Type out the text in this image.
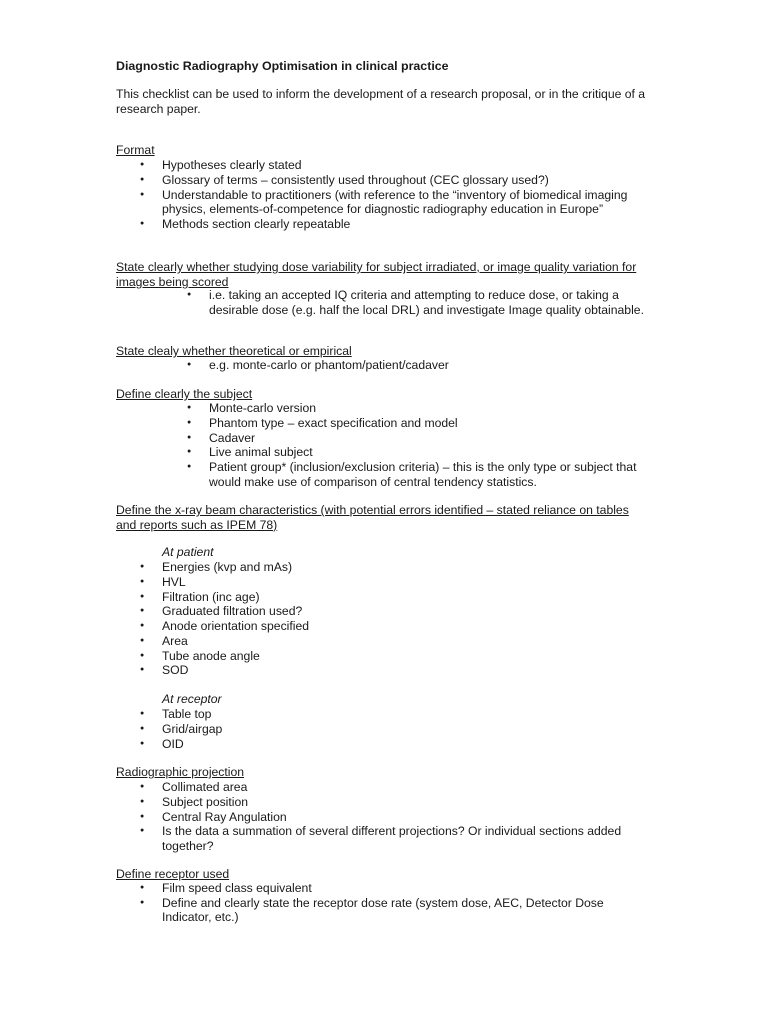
Diagnostic Radiography Optimisation in clinical practice
This checklist can be used to inform the development of a research proposal, or in the critique of a research paper.
Format
● Hypotheses clearly stated
● Glossary of terms – consistently used throughout (CEC glossary used?)
● Understandable to practitioners (with reference to the “inventory of biomedical imaging physics, elements-of-competence for diagnostic radiography education in Europe”
● Methods section clearly repeatable
State clearly whether studying dose variability for subject irradiated, or image quality variation for images being scored
● i.e. taking an accepted IQ criteria and attempting to reduce dose, or taking a desirable dose (e.g. half the local DRL) and investigate Image quality obtainable.
State clealy whether theoretical or empirical
● e.g. monte-carlo or phantom/patient/cadaver
Define clearly the subject
● Monte-carlo version
● Phantom type – exact specification and model
● Cadaver
● Live animal subject
● Patient group* (inclusion/exclusion criteria) – this is the only type or subject that would make use of comparison of central tendency statistics.
Define the x-ray beam characteristics (with potential errors identified – stated reliance on tables and reports such as IPEM 78)
At patient
● Energies (kvp and mAs)
● HVL
● Filtration (inc age)
● Graduated filtration used?
● Anode orientation specified
● Area
● Tube anode angle
● SOD
At receptor
● Table top
● Grid/airgap
● OID
Radiographic projection
● Collimated area
● Subject position
● Central Ray Angulation
● Is the data a summation of several different projections? Or individual sections added together?
Define receptor used
● Film speed class equivalent
● Define and clearly state the receptor dose rate (system dose, AEC, Detector Dose Indicator, etc.)
